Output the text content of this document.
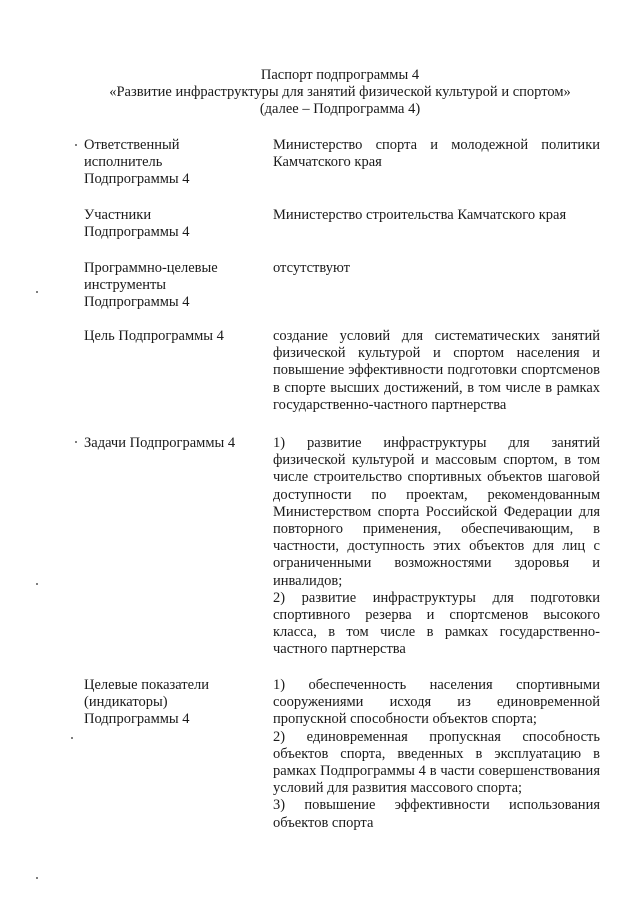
Паспорт подпрограммы 4
«Развитие инфраструктуры для занятий физической культурой и спортом»
(далее – Подпрограмма 4)
Ответственный исполнитель Подпрограммы 4

Министерство спорта и молодежной политики Камчатского края

Участники Подпрограммы 4

Министерство строительства Камчатского края

Программно-целевые инструменты Подпрограммы 4

отсутствуют

Цель Подпрограммы 4	создание условий для систематических занятий физической культурой и спортом населения и повышение эффективности подготовки спортсменов в спорте высших достижений, в том числе в рамках государственно-частного партнерства

Задачи Подпрограммы 4	1) развитие инфраструктуры для занятий физической культурой и массовым спортом, в том числе строительство спортивных объектов шаговой доступности по проектам, рекомендованным Министерством спорта Российской Федерации для повторного применения, обеспечивающим, в частности, доступность этих объектов для лиц с ограниченными возможностями здоровья и инвалидов;

2) развитие инфраструктуры для подготовки спортивного резерва и спортсменов высокого класса, в том числе в рамках государственно-частного партнерства

Целевые показатели (индикаторы) Подпрограммы 4

1) обеспеченность населения спортивными сооружениями исходя из единовременной пропускной способности объектов спорта;

2) единовременная пропускная способность объектов спорта, введенных в эксплуатацию в рамках Подпрограммы 4 в части совершенствования условий для развития массового спорта;

3) повышение эффективности использования объектов спорта
